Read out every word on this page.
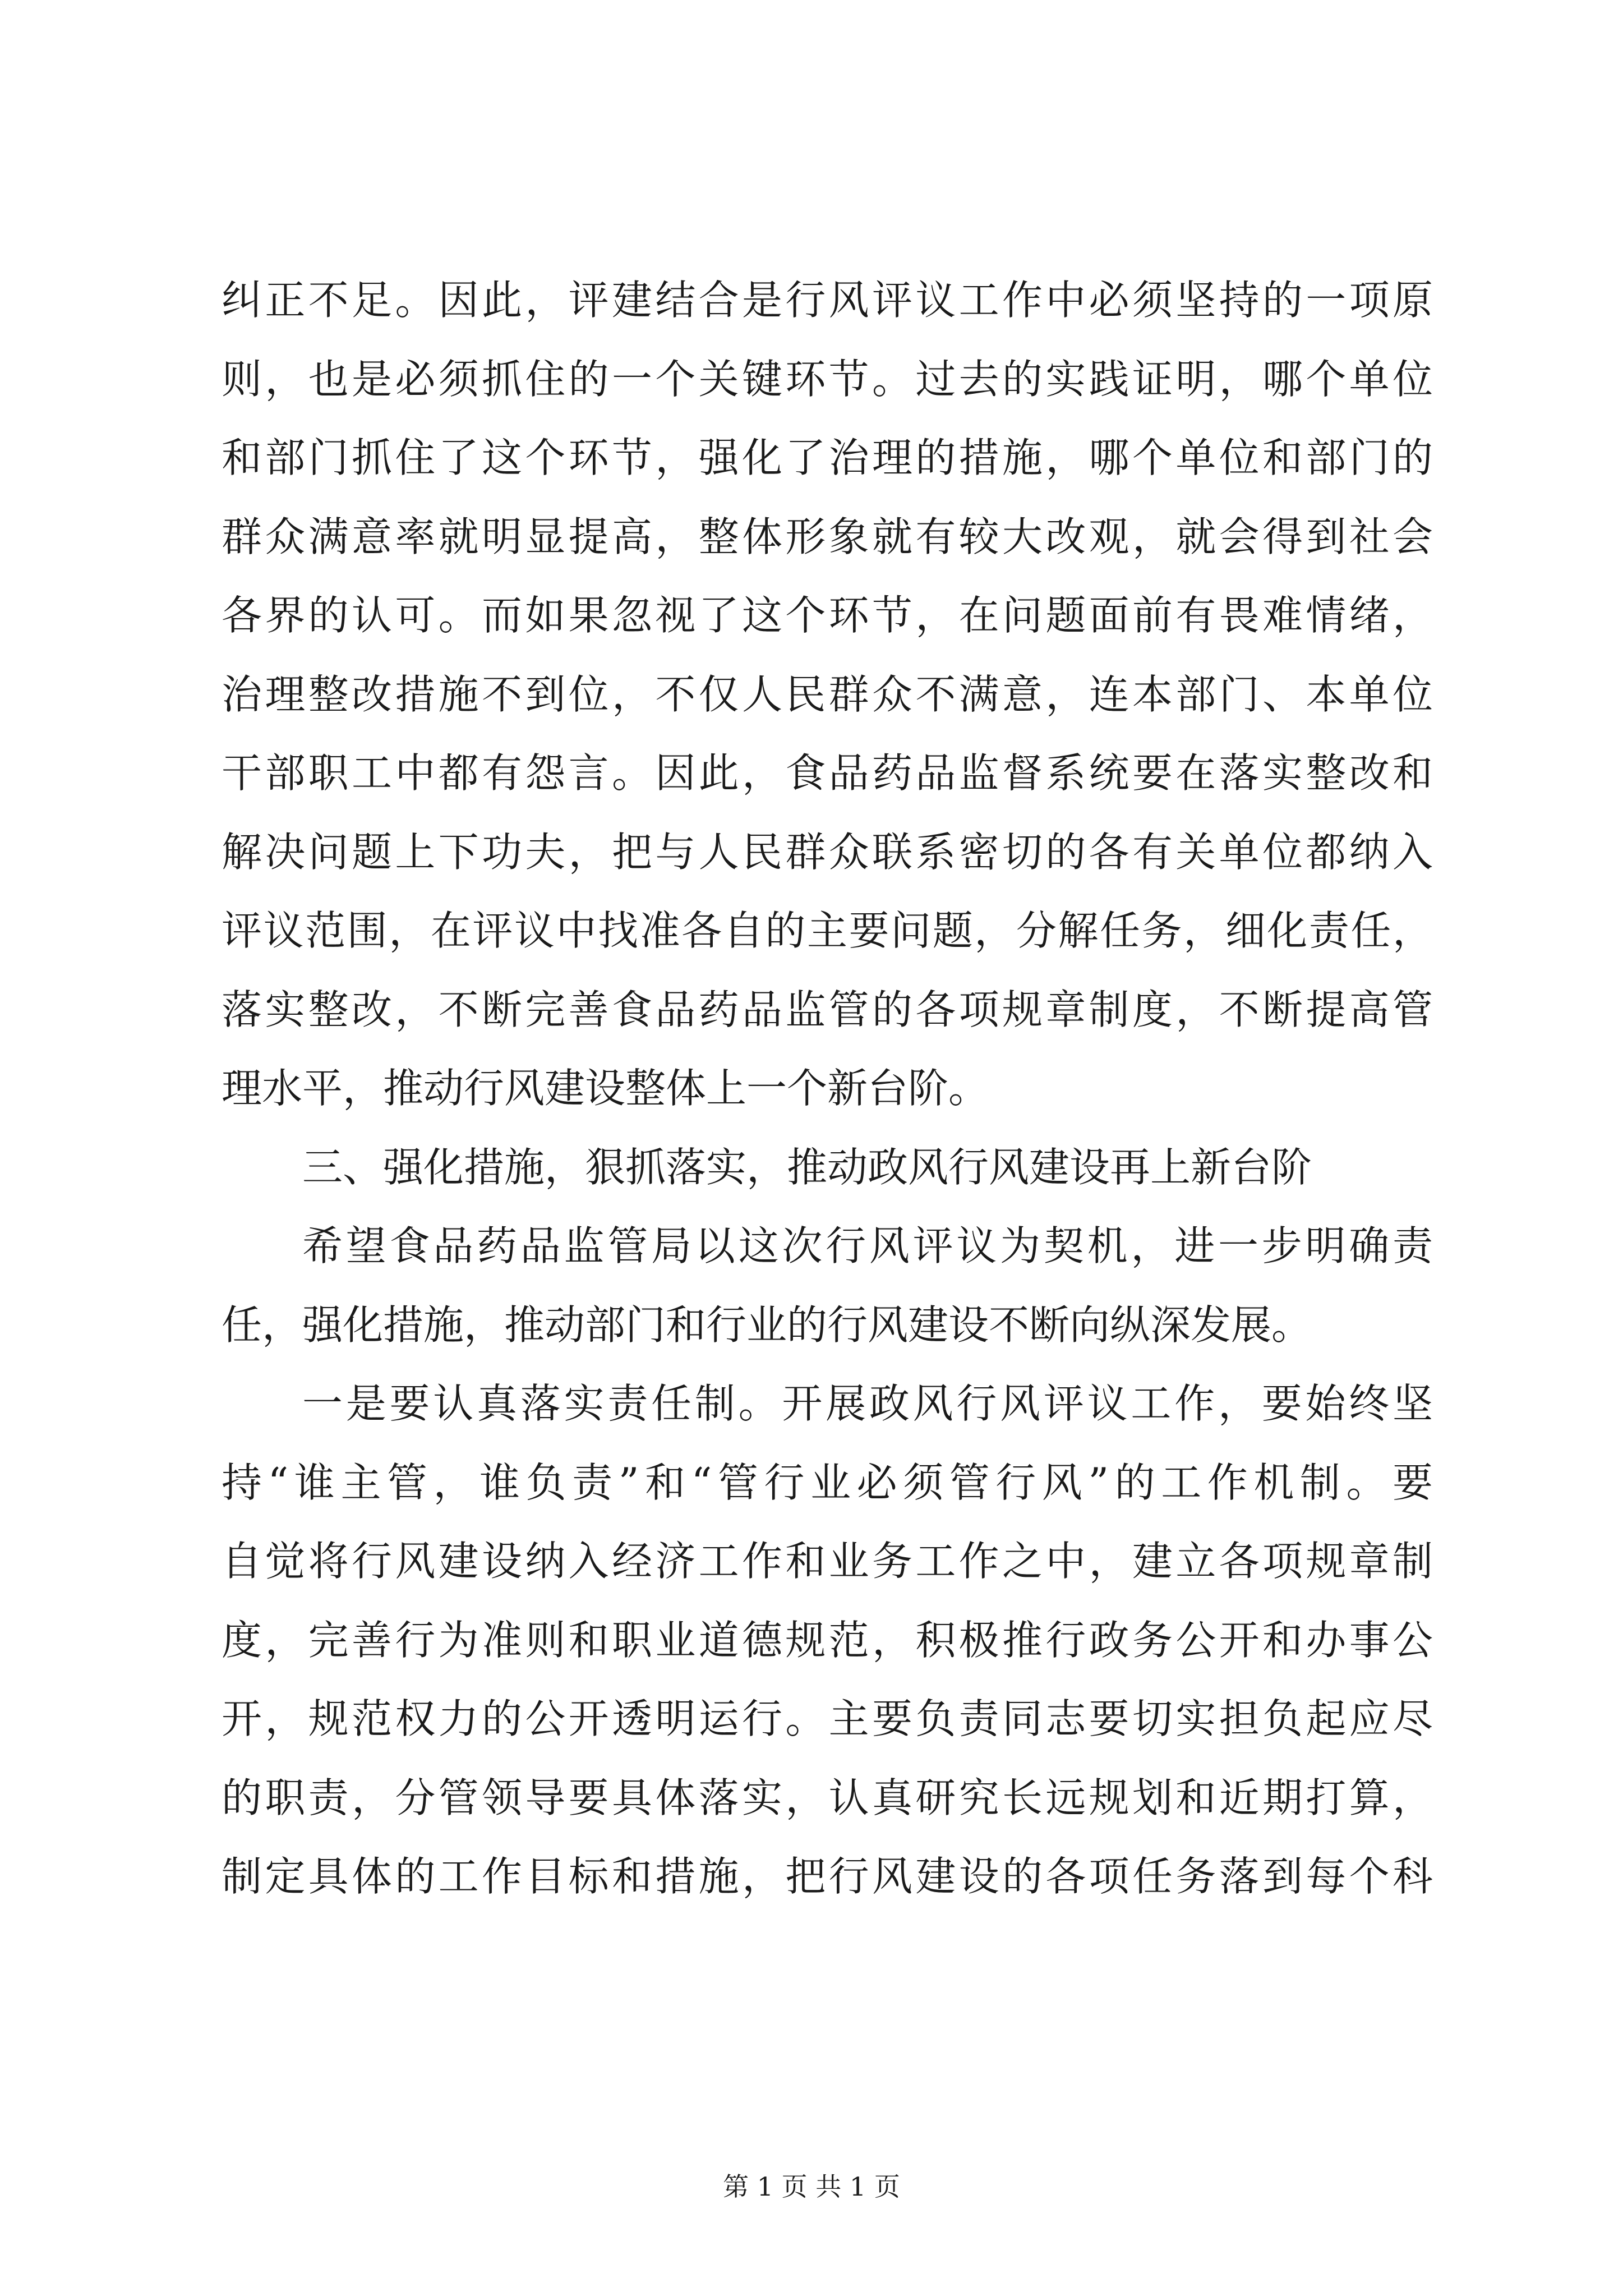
纠正不足。因此，评建结合是行风评议工作中必须坚持的一项原
则，也是必须抓住的一个关键环节。过去的实践证明，哪个单位
和部门抓住了这个环节，强化了治理的措施，哪个单位和部门的
群众满意率就明显提高，整体形象就有较大改观，就会得到社会
各界的认可。而如果忽视了这个环节，在问题面前有畏难情绪，
治理整改措施不到位，不仅人民群众不满意，连本部门、本单位
干部职工中都有怨言。因此，食品药品监督系统要在落实整改和
解决问题上下功夫，把与人民群众联系密切的各有关单位都纳入
评议范围，在评议中找准各自的主要问题，分解任务，细化责任，
落实整改，不断完善食品药品监管的各项规章制度，不断提高管
理水平，推动行风建设整体上一个新台阶。
三、强化措施，狠抓落实，推动政风行风建设再上新台阶
希望食品药品监管局以这次行风评议为契机，进一步明确责
任，强化措施，推动部门和行业的行风建设不断向纵深发展。
一是要认真落实责任制。开展政风行风评议工作，要始终坚
持“谁主管，谁负责”和“管行业必须管行风”的工作机制。要
自觉将行风建设纳入经济工作和业务工作之中，建立各项规章制
度，完善行为准则和职业道德规范，积极推行政务公开和办事公
开，规范权力的公开透明运行。主要负责同志要切实担负起应尽
的职责，分管领导要具体落实，认真研究长远规划和近期打算，
制定具体的工作目标和措施，把行风建设的各项任务落到每个科
第 1 页 共 1 页
